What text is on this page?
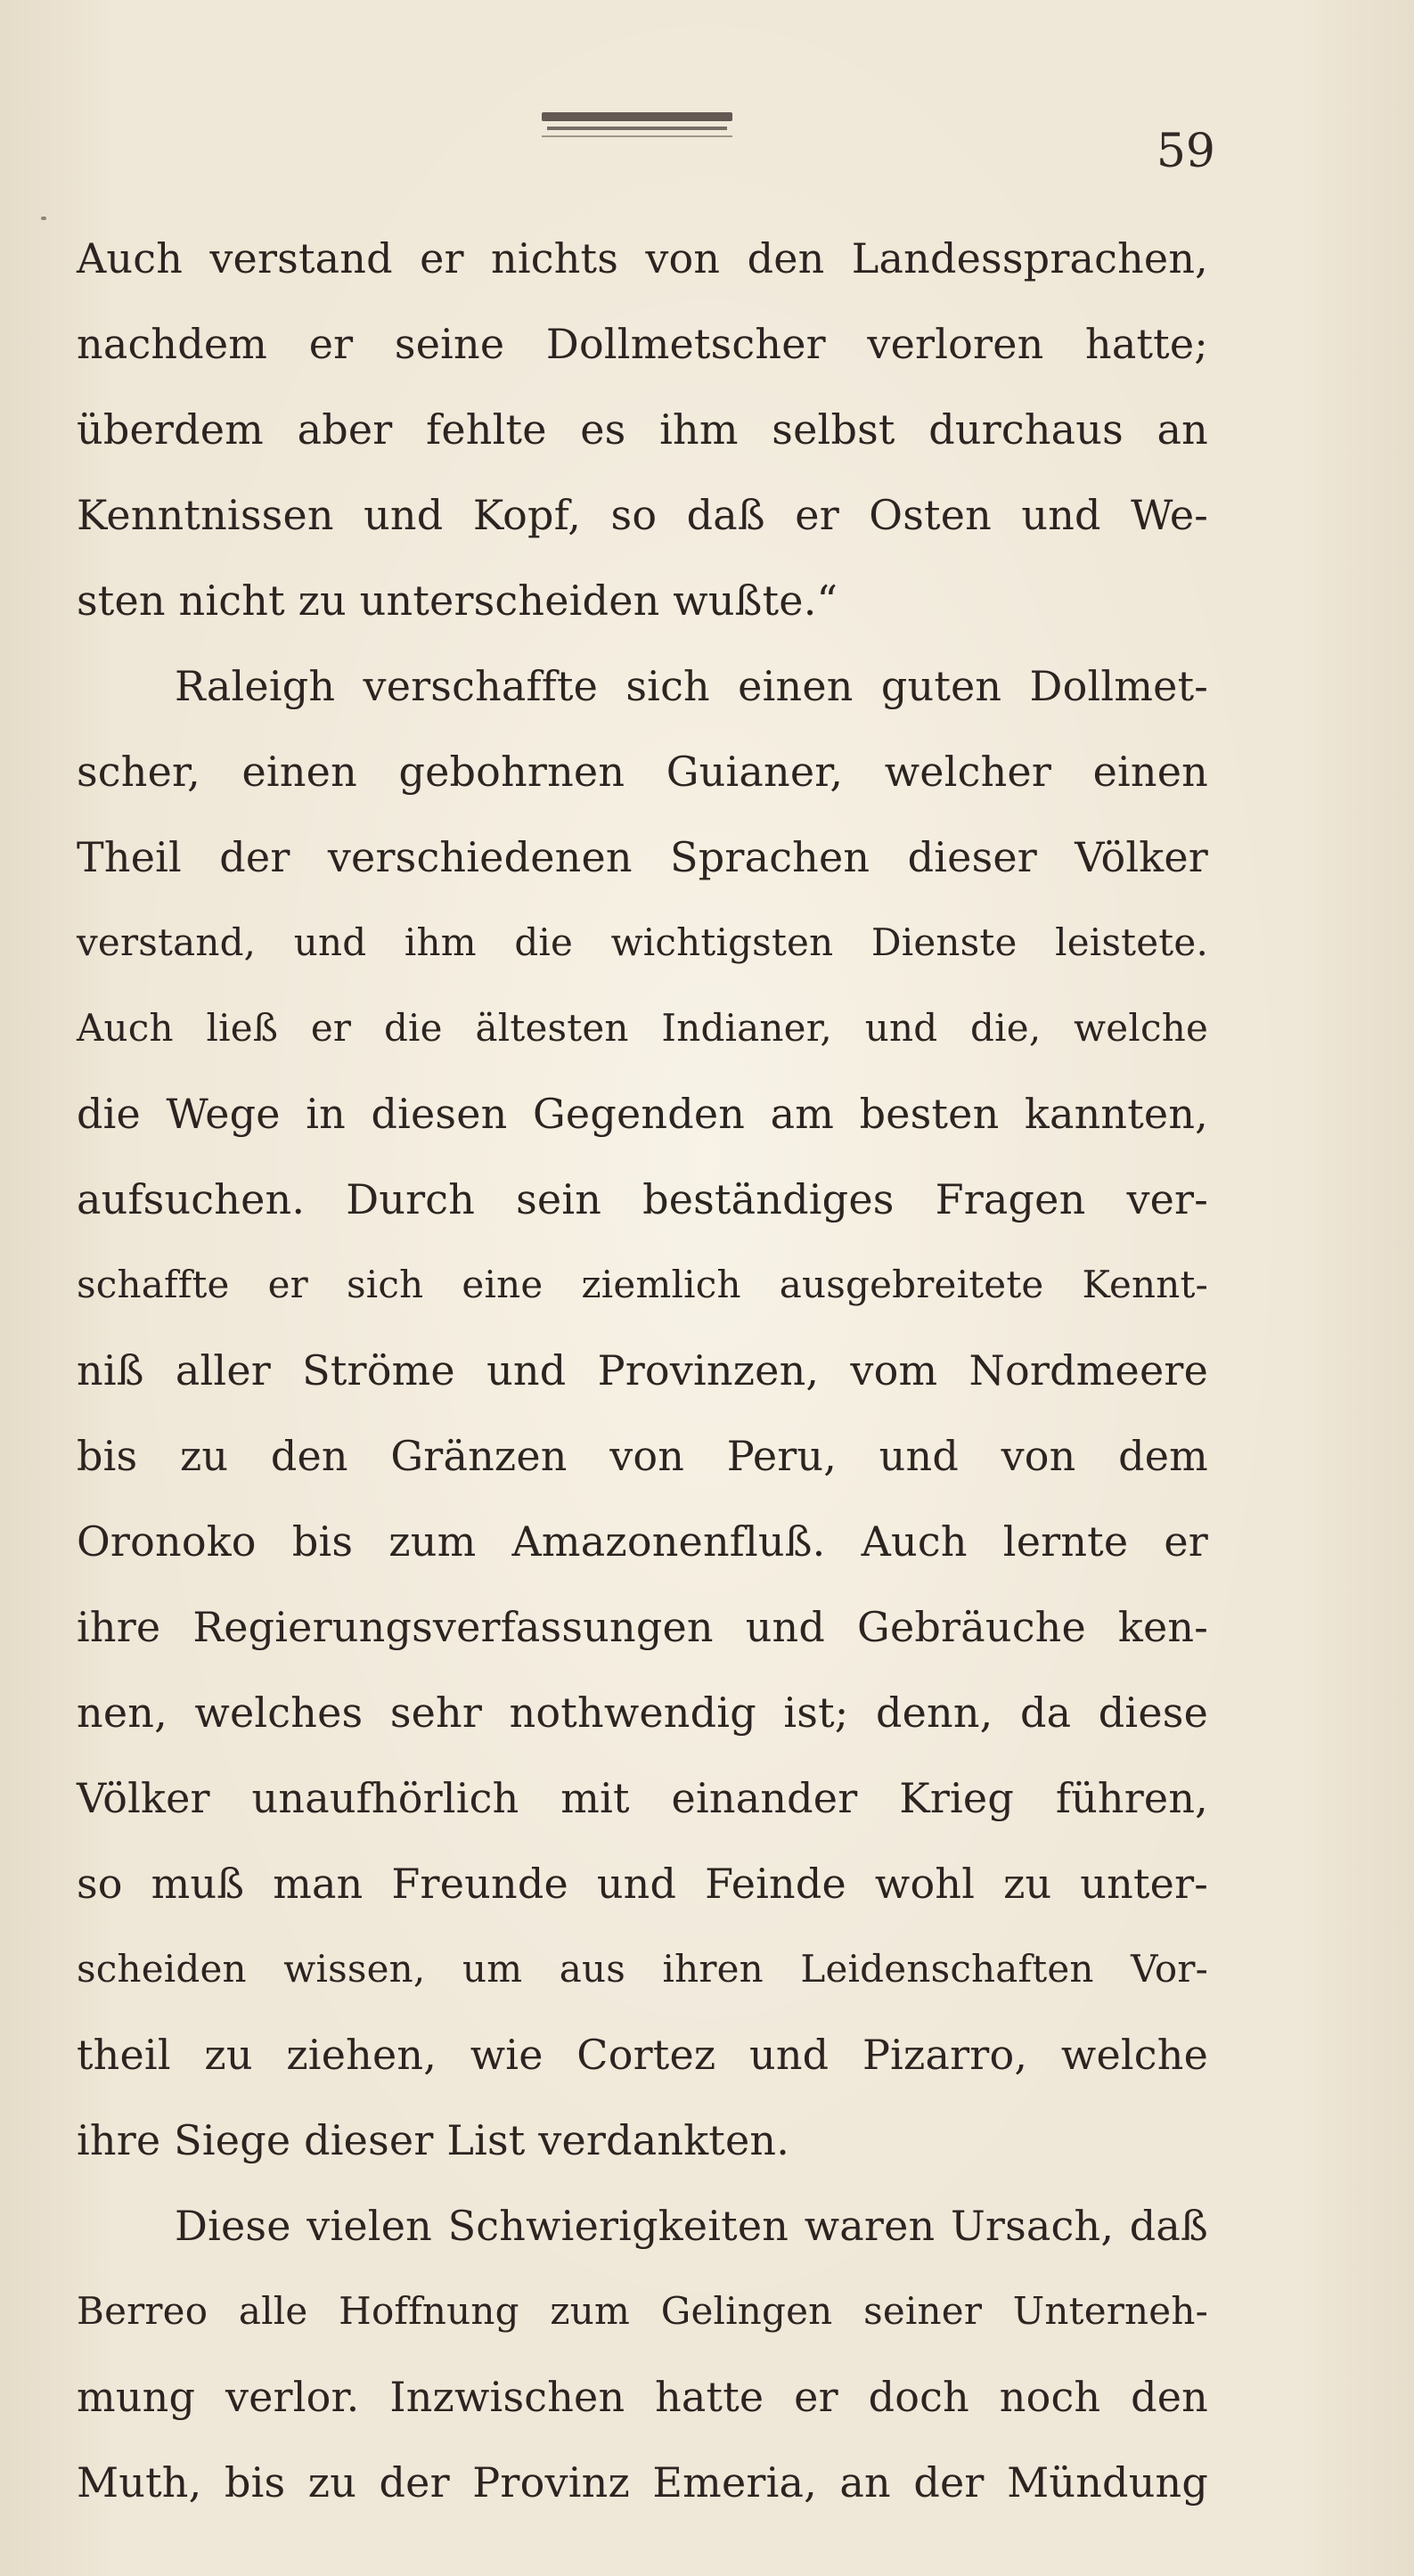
59
Auch verstand er nichts von den Landessprachen,
nachdem er seine Dollmetscher verloren hatte;
überdem aber fehlte es ihm selbst durchaus an
Kenntnissen und Kopf, so daß er Osten und We-
sten nicht zu unterscheiden wußte.“
Raleigh verschaffte sich einen guten Dollmet-
scher, einen gebohrnen Guianer, welcher einen
Theil der verschiedenen Sprachen dieser Völker
verstand, und ihm die wichtigsten Dienste leistete.
Auch ließ er die ältesten Indianer, und die, welche
die Wege in diesen Gegenden am besten kannten,
aufsuchen. Durch sein beständiges Fragen ver-
schaffte er sich eine ziemlich ausgebreitete Kennt-
niß aller Ströme und Provinzen, vom Nordmeere
bis zu den Gränzen von Peru, und von dem
Oronoko bis zum Amazonenfluß. Auch lernte er
ihre Regierungsverfassungen und Gebräuche ken-
nen, welches sehr nothwendig ist; denn, da diese
Völker unaufhörlich mit einander Krieg führen,
so muß man Freunde und Feinde wohl zu unter-
scheiden wissen, um aus ihren Leidenschaften Vor-
theil zu ziehen, wie Cortez und Pizarro, welche
ihre Siege dieser List verdankten.
Diese vielen Schwierigkeiten waren Ursach, daß
Berreo alle Hoffnung zum Gelingen seiner Unterneh-
mung verlor. Inzwischen hatte er doch noch den
Muth, bis zu der Provinz Emeria, an der Mündung
